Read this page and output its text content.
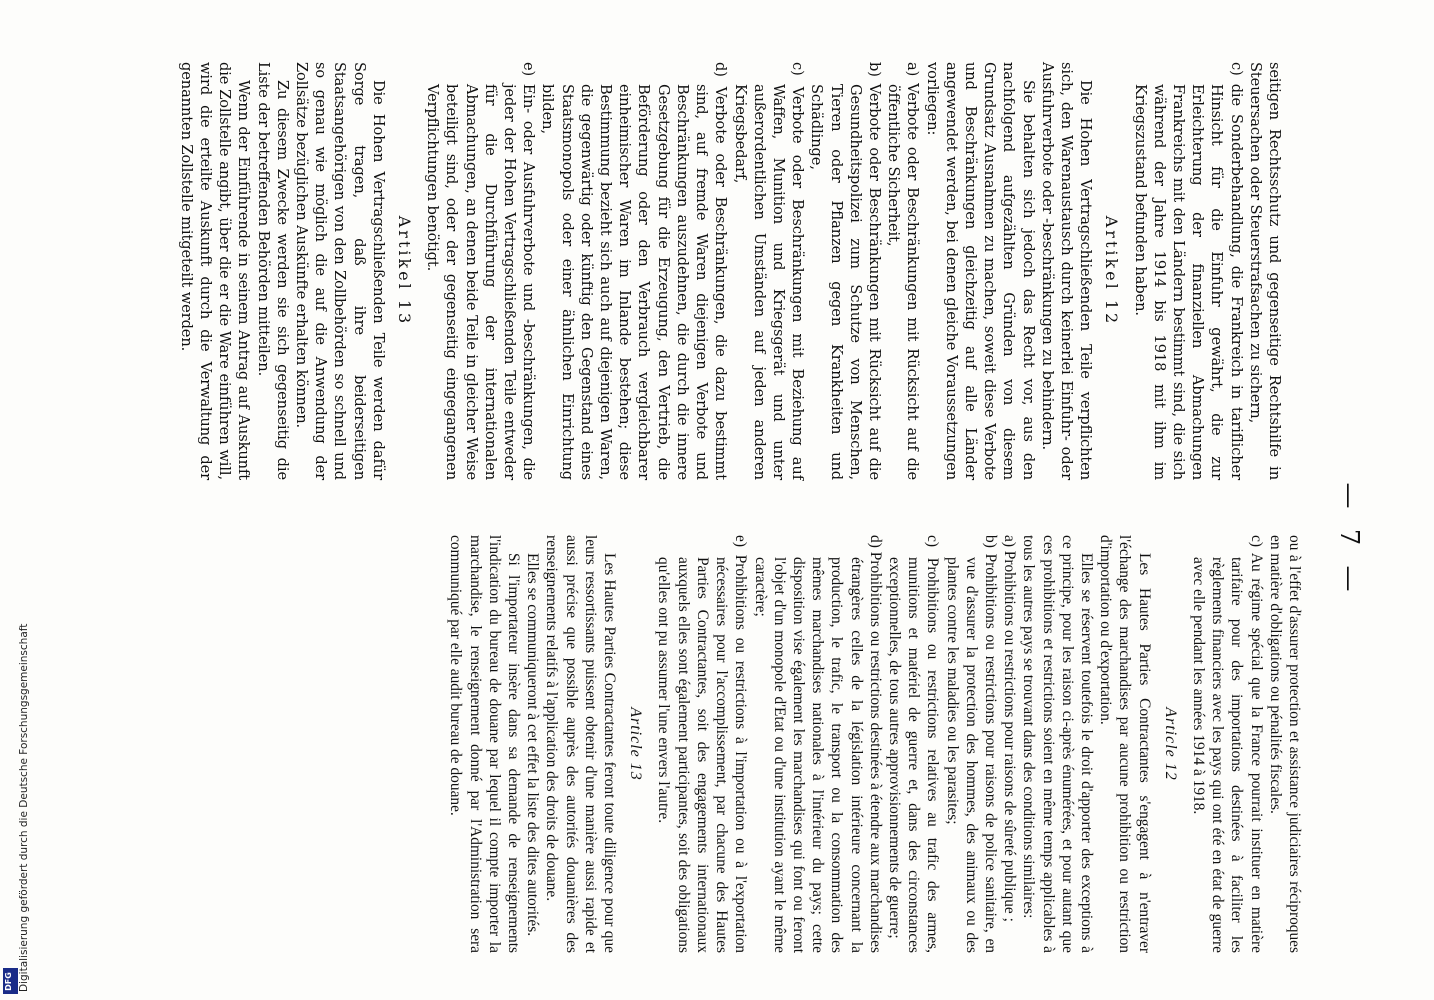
— 7 —

seitigen Rechtsschutz und gegenseitige Rechtshilfe in Steuersachen oder Steuerstrafsachen zu sichern,

c) die Sonderbehandlung, die Frankreich in tariflicher Hinsicht für die Einfuhr gewährt, die zur Erleichterung der finanziellen Abmachungen Frankreichs mit den Ländern bestimmt sind, die sich während der Jahre 1914 bis 1918 mit ihm im Kriegszustand befunden haben.

Artikel 12

Die Hohen Vertragschließenden Teile verpflichten sich, den Warenaustausch durch keinerlei Einfuhr- oder Ausfuhrverbote oder -beschränkungen zu behindern.

Sie behalten sich jedoch das Recht vor, aus den nachfolgend aufgezählten Gründen von diesem Grundsatz Ausnahmen zu machen, soweit diese Verbote und Beschränkungen gleichzeitig auf alle Länder angewendet werden, bei denen gleiche Voraussetzungen vorliegen:

a) Verbote oder Beschränkungen mit Rücksicht auf die öffentliche Sicherheit,

b) Verbote oder Beschränkungen mit Rücksicht auf die Gesundheitspolizei zum Schutze von Menschen, Tieren oder Pflanzen gegen Krankheiten und Schädlinge,

c) Verbote oder Beschränkungen mit Beziehung auf Waffen, Munition und Kriegsgerät und unter außerordentlichen Umständen auf jeden anderen Kriegsbedarf,

d) Verbote oder Beschränkungen, die dazu bestimmt sind, auf fremde Waren diejenigen Verbote und Beschränkungen auszudehnen, die durch die innere Gesetzgebung für die Erzeugung, den Vertrieb, die Beförderung oder den Verbrauch vergleichbarer einheimischer Waren im Inlande bestehen; diese Bestimmung bezieht sich auch auf diejenigen Waren, die gegenwärtig oder künftig den Gegenstand eines Staatsmonopols oder einer ähnlichen Einrichtung bilden,

e) Ein- oder Ausfuhrverbote und -beschränkungen, die jeder der Hohen Vertragschließenden Teile entweder für die Durchführung der internationalen Abmachungen, an denen beide Teile in gleicher Weise beteiligt sind, oder der gegenseitig eingegangenen Verpflichtungen benötigt.

Artikel 13

Die Hohen Vertragschließenden Teile werden dafür Sorge tragen, daß ihre beiderseitigen Staatsangehörigen von den Zollbehörden so schnell und so genau wie möglich die auf die Anwendung der Zollsätze bezüglichen Auskünfte erhalten können.

Zu diesem Zwecke werden sie sich gegenseitig die Liste der betreffenden Behörden mitteilen.

Wenn der Einführende in seinem Antrag auf Auskunft die Zollstelle angibt, über die er die Ware einführen will, wird die erteilte Auskunft durch die Verwaltung der genannten Zollstelle mitgeteilt werden.

ou à l'effet d'assurer protection et assistance judiciaires réciproques en matière d'obligations ou pénalités fiscales.

c) Au régime spécial que la France pourrait instituer en matière tarifaire pour des importations destinées à faciliter les règlements financiers avec les pays qui ont été en état de guerre avec elle pendant les années 1914 à 1918.

Article 12

Les Hautes Parties Contractantes s'engagent à n'entraver l'échange des marchandises par aucune prohibition ou restriction d'importation ou d'exportation.

Elles se réservent toutefois le droit d'apporter des exceptions à ce principe, pour les raison ci-après énumérées, et pour autant que ces prohibitions et restrictions soient en même temps applicables à tous les autres pays se trouvant dans des conditions similaires:

a) Prohibitions ou restrictions pour raisons de sûreté publique ;

b) Prohibitions ou restrictions pour raisons de police sanitaire, en vue d'assurer la protection des hommes, des animaux ou des plantes contre les maladies ou les parasites;

c) Prohibitions ou restrictions relatives au trafic des armes, munitions et matériel de guerre et, dans des circonstances exceptionnelles, de tous autres approvisionnements de guerre;

d) Prohibitions ou restrictions destinées à étendre aux marchandises étrangères celles de la législation intérieure concernant la production, le trafic, le transport ou la consommation des mêmes marchandises nationales à l'intérieur du pays; cette disposition vise également les marchandises qui font ou feront l'objet d'un monopole d'Etat ou d'une institution ayant le même caractère;

e) Prohibitions ou restrictions à l'importation ou à l'exportation nécessaires pour l'accomplissement, par chacune des Hautes Parties Contractantes, soit des engagements internationaux auxquels elles sont également participantes, soit des obligations qu'elles ont pu assumer l'une envers l'autre.

Article 13

Les Hautes Parties Contractantes feront toute diligence pour que leurs ressortissants puissent obtenir d'une manière aussi rapide et aussi précise que possible auprès des autorités douanières des renseignements relatifs à l'application des droits de douane.

Elles se communiqueront à cet effet la liste des dites autorités.

Si l'importateur insère dans sa demande de renseignements l'indication du bureau de douane par lequel il compte importer la marchandise, le renseignement donné par l'Administration sera communiqué par elle audit bureau de douane.

Digitalisierung gefördert durch die Deutsche Forschungsgemeinschaft
DFG
